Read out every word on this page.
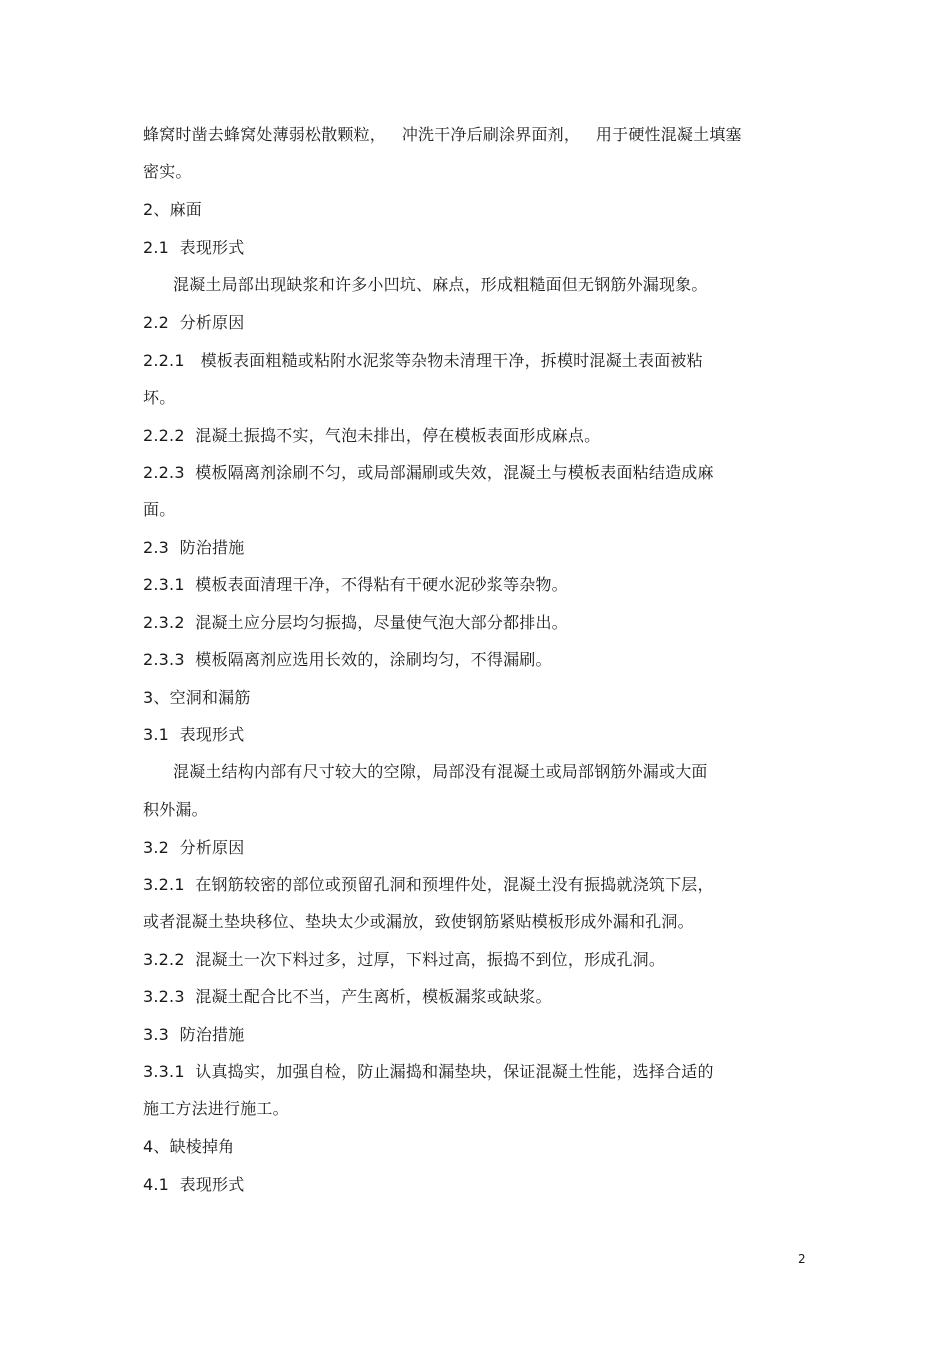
蜂窝时凿去蜂窝处薄弱松散颗粒，   冲洗干净后刷涂界面剂，   用于硬性混凝土填塞
密实。
2、麻面
2.1  表现形式
混凝土局部出现缺浆和许多小凹坑、麻点，形成粗糙面但无钢筋外漏现象。
2.2  分析原因
2.2.1   模板表面粗糙或粘附水泥浆等杂物未清理干净，拆模时混凝土表面被粘
坏。
2.2.2  混凝土振捣不实，气泡未排出，停在模板表面形成麻点。
2.2.3  模板隔离剂涂刷不匀，或局部漏刷或失效，混凝土与模板表面粘结造成麻
面。
2.3  防治措施
2.3.1  模板表面清理干净，不得粘有干硬水泥砂浆等杂物。
2.3.2  混凝土应分层均匀振捣，尽量使气泡大部分都排出。
2.3.3  模板隔离剂应选用长效的，涂刷均匀，不得漏刷。
3、空洞和漏筋
3.1  表现形式
混凝土结构内部有尺寸较大的空隙，局部没有混凝土或局部钢筋外漏或大面
积外漏。
3.2  分析原因
3.2.1  在钢筋较密的部位或预留孔洞和预埋件处，混凝土没有振捣就浇筑下层，
或者混凝土垫块移位、垫块太少或漏放，致使钢筋紧贴模板形成外漏和孔洞。
3.2.2  混凝土一次下料过多，过厚，下料过高，振捣不到位，形成孔洞。
3.2.3  混凝土配合比不当，产生离析，模板漏浆或缺浆。
3.3  防治措施
3.3.1  认真捣实，加强自检，防止漏捣和漏垫块，保证混凝土性能，选择合适的
施工方法进行施工。
4、缺棱掉角
4.1  表现形式
2
